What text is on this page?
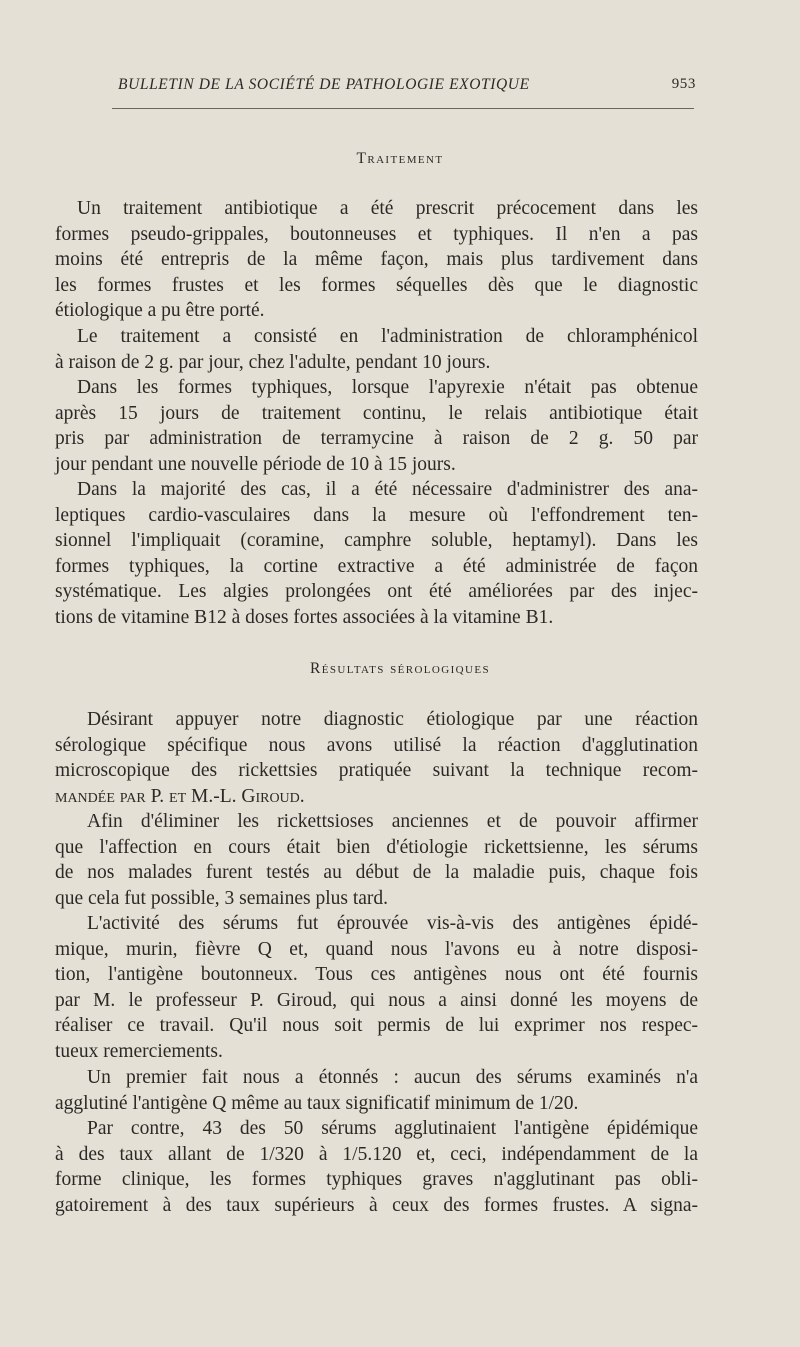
BULLETIN DE LA SOCIÉTÉ DE PATHOLOGIE EXOTIQUE	953
Traitement
Un traitement antibiotique a été prescrit précocement dans les
formes pseudo-grippales, boutonneuses et typhiques. Il n'en a pas
moins été entrepris de la même façon, mais plus tardivement dans
les formes frustes et les formes séquelles dès que le diagnostic
étiologique a pu être porté.
Le traitement a consisté en l'administration de chloramphénicol
à raison de 2 g. par jour, chez l'adulte, pendant 10 jours.
Dans les formes typhiques, lorsque l'apyrexie n'était pas obtenue
après 15 jours de traitement continu, le relais antibiotique était
pris par administration de terramycine à raison de 2 g. 50 par
jour pendant une nouvelle période de 10 à 15 jours.
Dans la majorité des cas, il a été nécessaire d'administrer des ana-
leptiques cardio-vasculaires dans la mesure où l'effondrement ten-
sionnel l'impliquait (coramine, camphre soluble, heptamyl). Dans les
formes typhiques, la cortine extractive a été administrée de façon
systématique. Les algies prolongées ont été améliorées par des injec-
tions de vitamine B12 à doses fortes associées à la vitamine B1.
Résultats sérologiques
Désirant appuyer notre diagnostic étiologique par une réaction
sérologique spécifique nous avons utilisé la réaction d'agglutination
microscopique des rickettsies pratiquée suivant la technique recom-
mandée par P. et M.-L. Giroud.
Afin d'éliminer les rickettsioses anciennes et de pouvoir affirmer
que l'affection en cours était bien d'étiologie rickettsienne, les sérums
de nos malades furent testés au début de la maladie puis, chaque fois
que cela fut possible, 3 semaines plus tard.
L'activité des sérums fut éprouvée vis-à-vis des antigènes épidé-
mique, murin, fièvre Q et, quand nous l'avons eu à notre disposi-
tion, l'antigène boutonneux. Tous ces antigènes nous ont été fournis
par M. le professeur P. Giroud, qui nous a ainsi donné les moyens de
réaliser ce travail. Qu'il nous soit permis de lui exprimer nos respec-
tueux remerciements.
Un premier fait nous a étonnés : aucun des sérums examinés n'a
agglutiné l'antigène Q même au taux significatif minimum de 1/20.
Par contre, 43 des 50 sérums agglutinaient l'antigène épidémique
à des taux allant de 1/320 à 1/5.120 et, ceci, indépendamment de la
forme clinique, les formes typhiques graves n'agglutinant pas obli-
gatoirement à des taux supérieurs à ceux des formes frustes. A signa-
